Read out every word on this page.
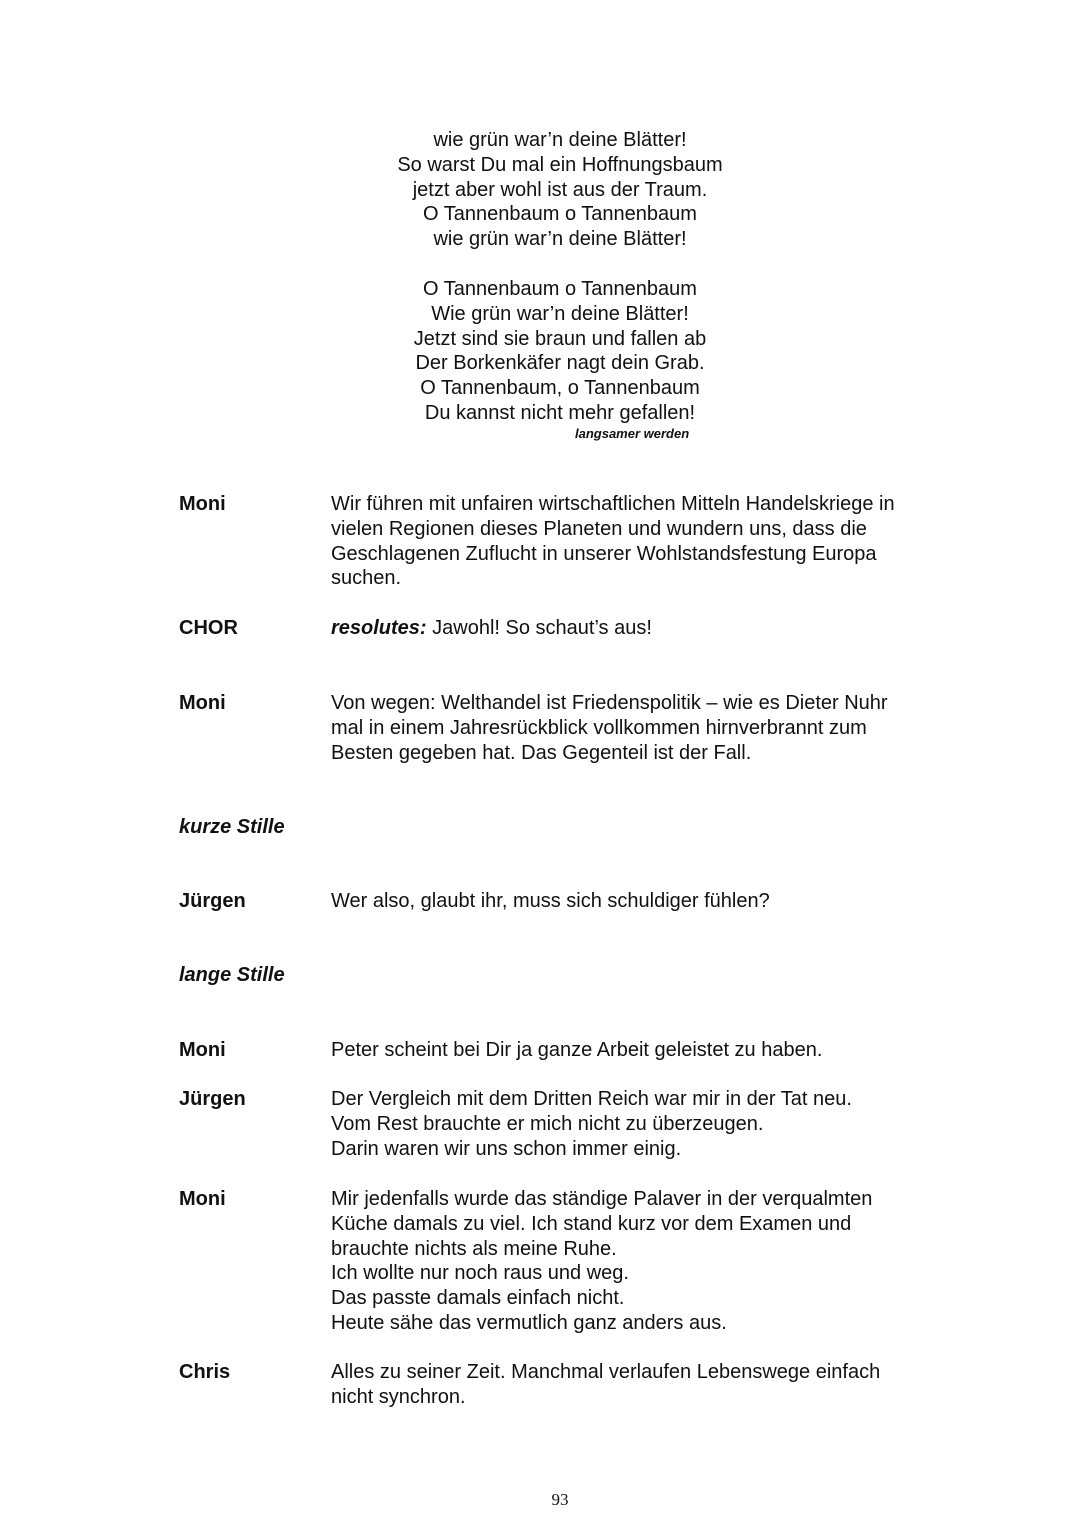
wie grün war’n deine Blätter!
So warst Du mal ein Hoffnungsbaum
jetzt aber wohl ist aus der Traum.
O Tannenbaum o Tannenbaum
wie grün war’n deine Blätter!
O Tannenbaum o Tannenbaum
Wie grün war’n deine Blätter!
Jetzt sind sie braun und fallen ab
Der Borkenkäfer nagt dein Grab.
O Tannenbaum, o Tannenbaum
Du kannst nicht mehr gefallen!
langsamer werden
Moni	Wir führen mit unfairen wirtschaftlichen Mitteln Handelskriege in
vielen Regionen dieses Planeten und wundern uns, dass die
Geschlagenen Zuflucht in unserer Wohlstandsfestung Europa
suchen.
CHOR	resolutes: Jawohl! So schaut’s aus!
Moni	Von wegen: Welthandel ist Friedenspolitik – wie es Dieter Nuhr
mal in einem Jahresrückblick vollkommen hirnverbrannt zum
Besten gegeben hat. Das Gegenteil ist der Fall.
kurze Stille
Jürgen	Wer also, glaubt ihr, muss sich schuldiger fühlen?
lange Stille
Moni	Peter scheint bei Dir ja ganze Arbeit geleistet zu haben.
Jürgen	Der Vergleich mit dem Dritten Reich war mir in der Tat neu.
Vom Rest brauchte er mich nicht zu überzeugen.
Darin waren wir uns schon immer einig.
Moni	Mir jedenfalls wurde das ständige Palaver in der verqualmten
Küche damals zu viel. Ich stand kurz vor dem Examen und
brauchte nichts als meine Ruhe.
Ich wollte nur noch raus und weg.
Das passte damals einfach nicht.
Heute sähe das vermutlich ganz anders aus.
Chris	Alles zu seiner Zeit. Manchmal verlaufen Lebenswege einfach
nicht synchron.
93
